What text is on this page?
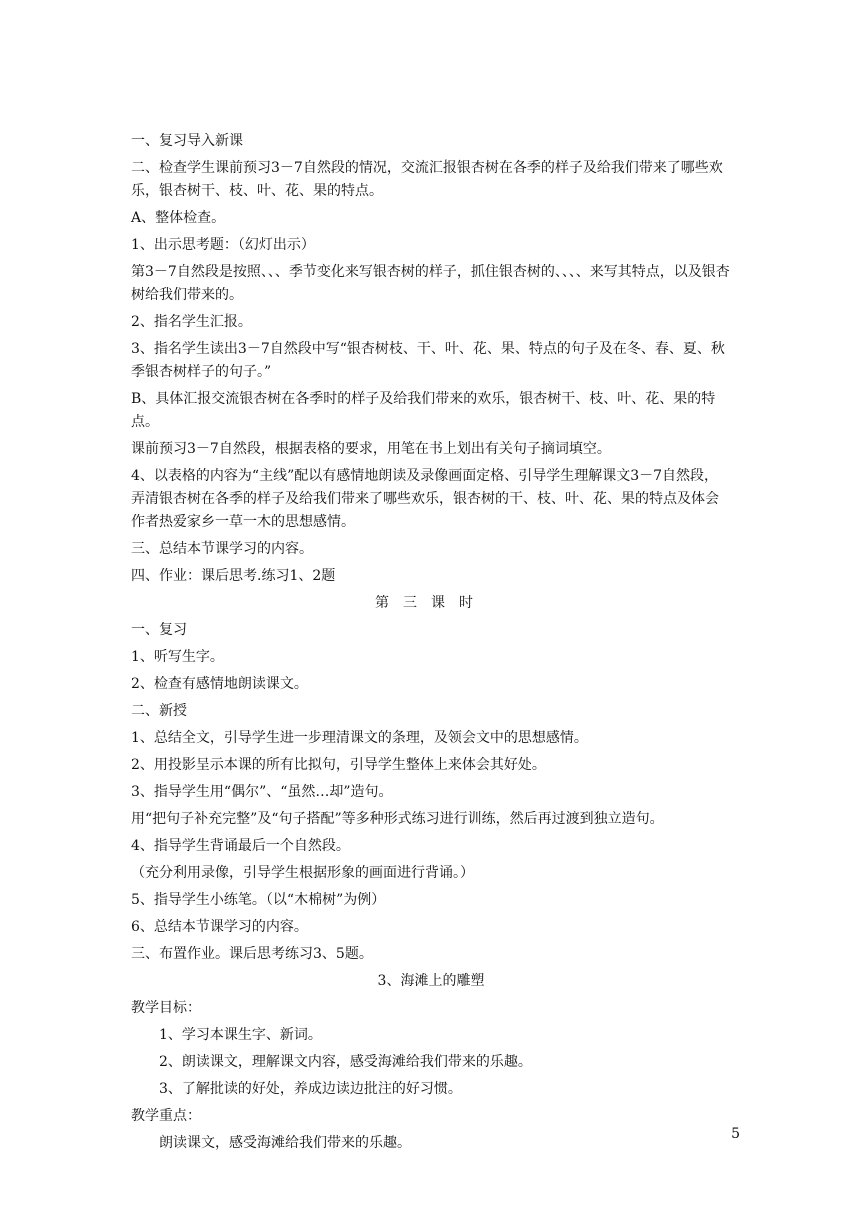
一、复习导入新课

二、检查学生课前预习3－7自然段的情况，交流汇报银杏树在各季的样子及给我们带来了哪些欢乐，银杏树干、枝、叶、花、果的特点。

A、整体检查。

1、出示思考题：（幻灯出示）

第3－7自然段是按照、、、季节变化来写银杏树的样子，抓住银杏树的、、、、来写其特点，以及银杏树给我们带来的。

2、指名学生汇报。

3、指名学生读出3－7自然段中写“银杏树枝、干、叶、花、果、特点的句子及在冬、春、夏、秋季银杏树样子的句子。”

B、具体汇报交流银杏树在各季时的样子及给我们带来的欢乐，银杏树干、枝、叶、花、果的特点。

课前预习3－7自然段，根据表格的要求，用笔在书上划出有关句子摘词填空。

4、以表格的内容为“主线”配以有感情地朗读及录像画面定格、引导学生理解课文3－7自然段，弄清银杏树在各季的样子及给我们带来了哪些欢乐，银杏树的干、枝、叶、花、果的特点及体会作者热爱家乡一草一木的思想感情。

三、总结本节课学习的内容。

四、作业：课后思考.练习1、2题

第三课时

一、复习

1、听写生字。

2、检查有感情地朗读课文。

二、新授

1、总结全文，引导学生进一步理清课文的条理，及领会文中的思想感情。

2、用投影呈示本课的所有比拟句，引导学生整体上来体会其好处。

3、指导学生用“偶尔”、“虽然…却”造句。

用“把句子补充完整”及“句子搭配”等多种形式练习进行训练，然后再过渡到独立造句。

4、指导学生背诵最后一个自然段。

（充分利用录像，引导学生根据形象的画面进行背诵。）

5、指导学生小练笔。（以“木棉树”为例）

6、总结本节课学习的内容。

三、布置作业。课后思考练习3、5题。

3、海滩上的雕塑

教学目标：

1、学习本课生字、新词。

2、朗读课文，理解课文内容，感受海滩给我们带来的乐趣。

3、了解批读的好处，养成边读边批注的好习惯。

教学重点：

朗读课文，感受海滩给我们带来的乐趣。

5
